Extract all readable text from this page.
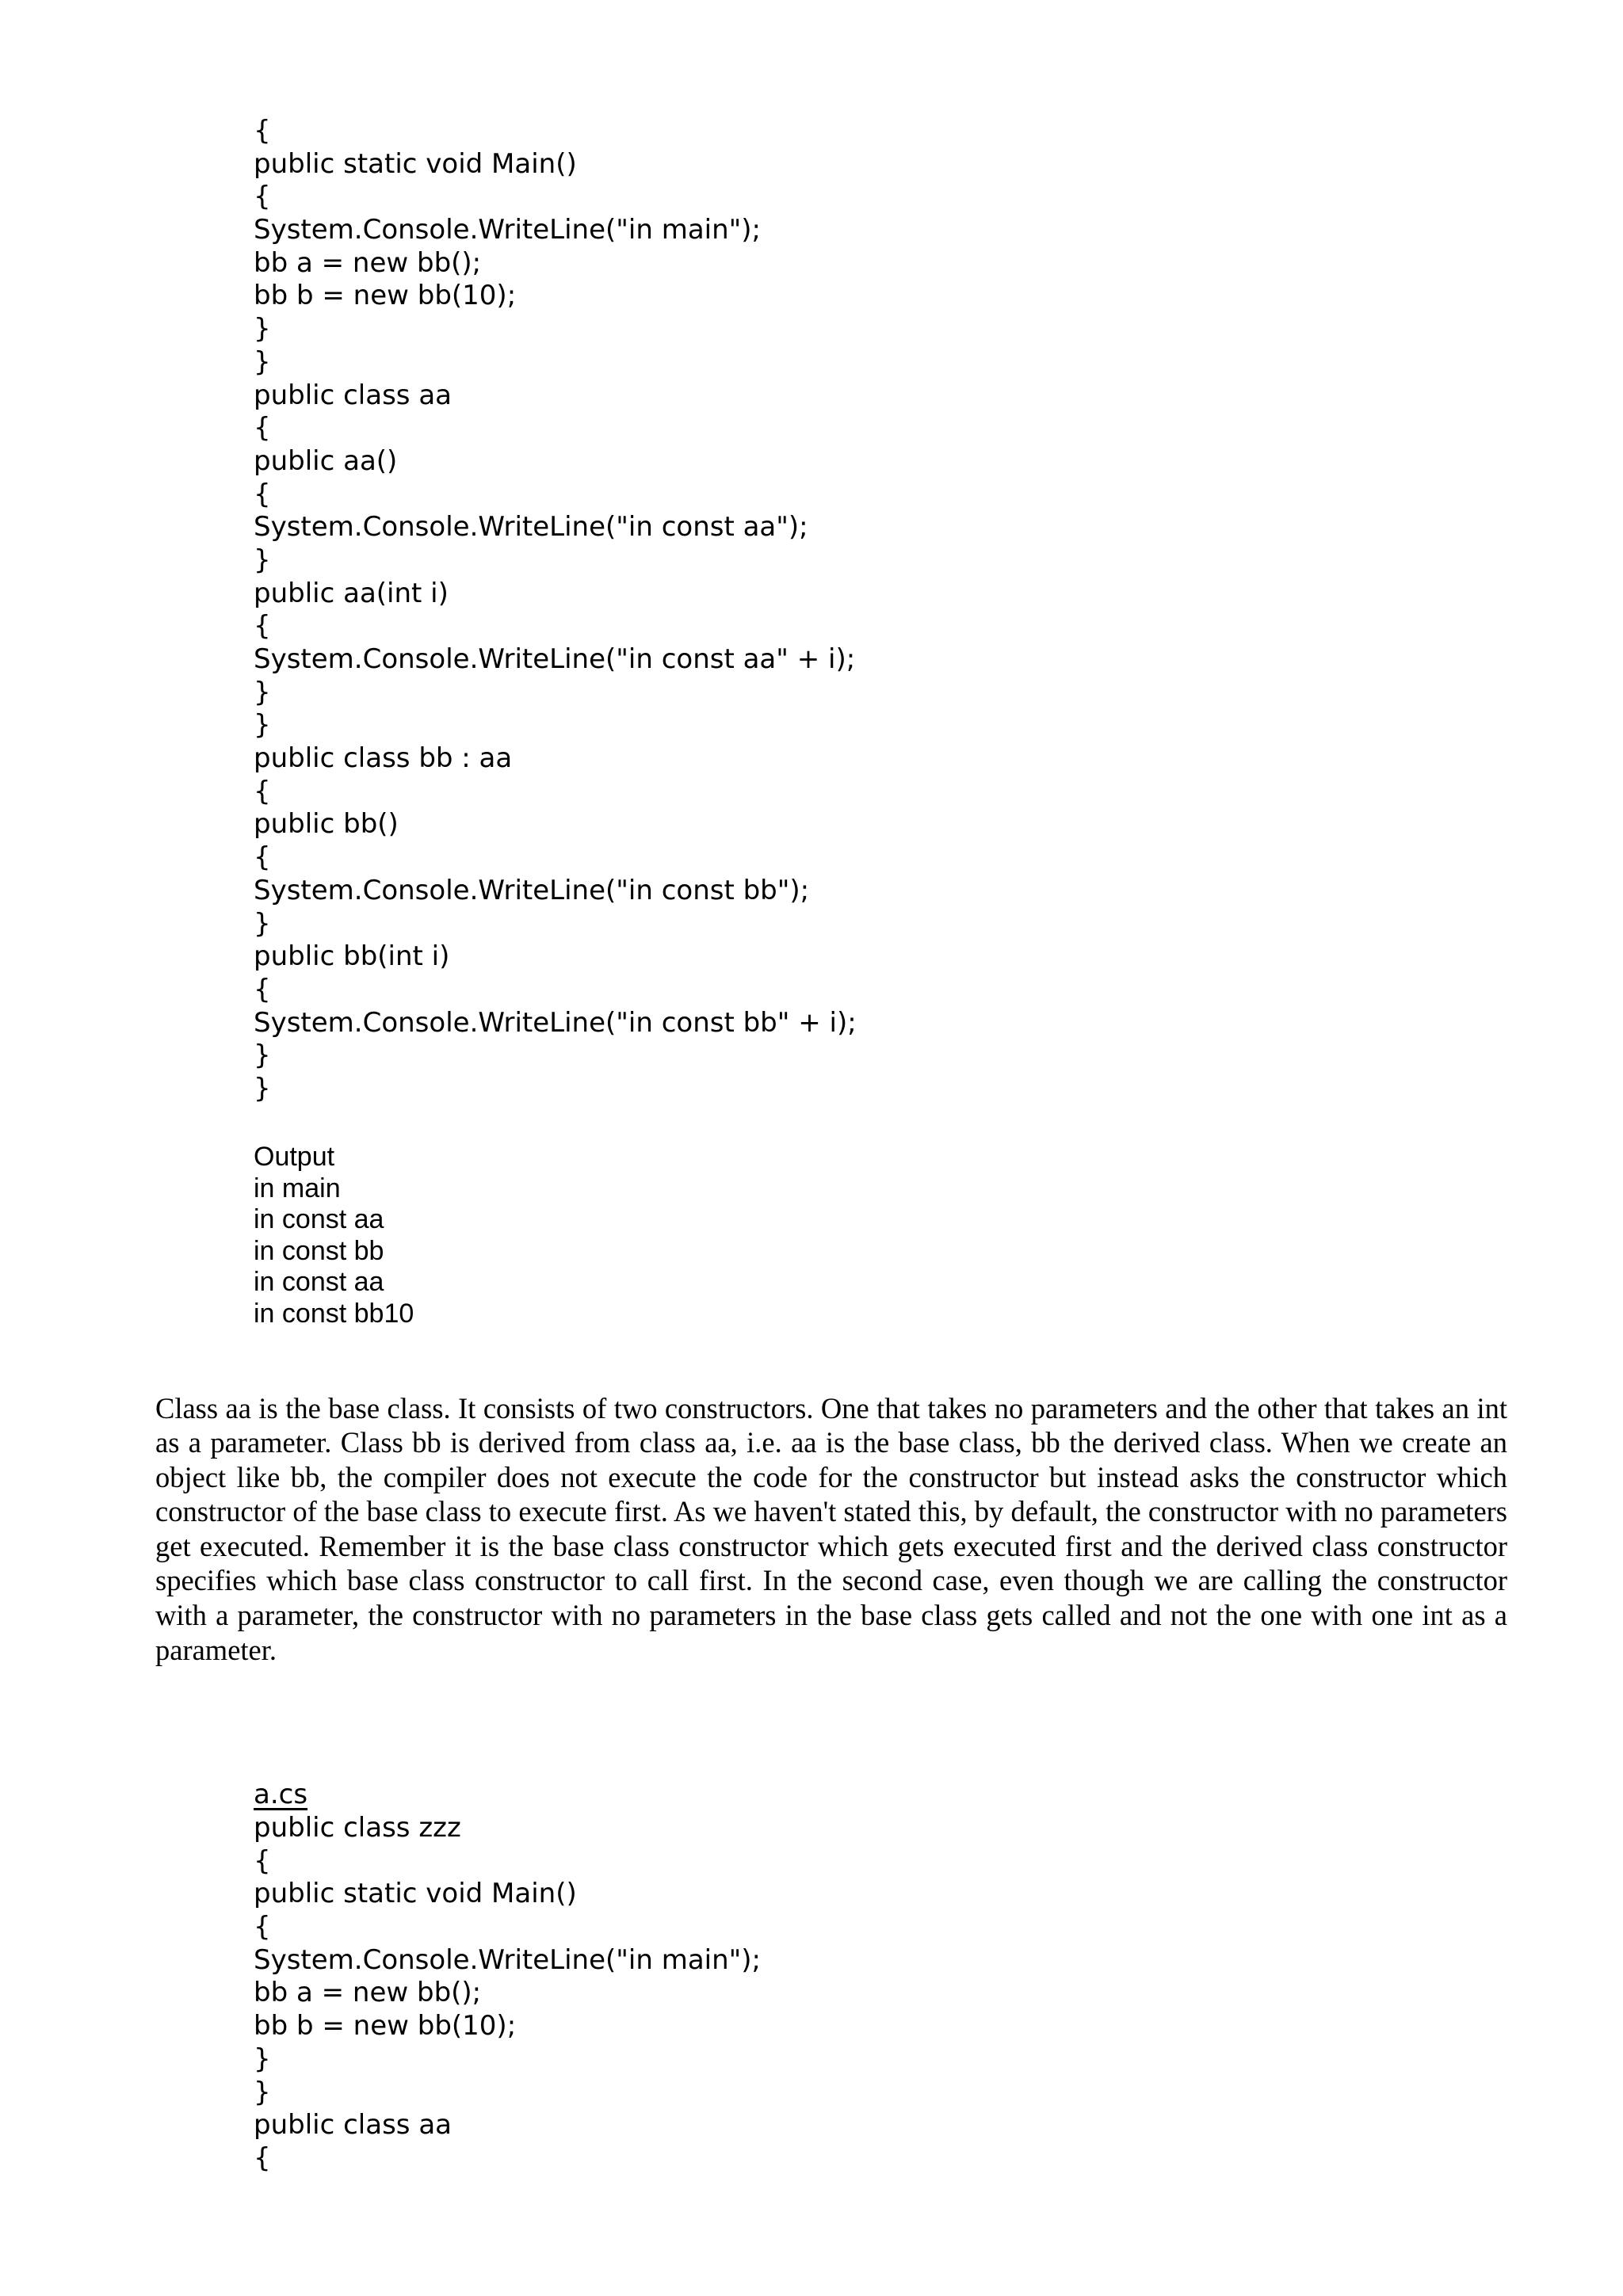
{
public static void Main()
{
System.Console.WriteLine("in main");
bb a = new bb();
bb b = new bb(10);
}
}
public class aa
{
public aa()
{
System.Console.WriteLine("in const aa");
}
public aa(int i)
{
System.Console.WriteLine("in const aa" + i);
}
}
public class bb : aa
{
public bb()
{
System.Console.WriteLine("in const bb");
}
public bb(int i)
{
System.Console.WriteLine("in const bb" + i);
}
}
Output
in main
in const aa
in const bb
in const aa
in const bb10

Class aa is the base class. It consists of two constructors. One that takes no parameters and the other that takes an int as a parameter. Class bb is derived from class aa, i.e. aa is the base class, bb the derived class. When we create an object like bb, the compiler does not execute the code for the constructor but instead asks the constructor which constructor of the base class to execute first. As we haven't stated this, by default, the constructor with no parameters get executed. Remember it is the base class constructor which gets executed first and the derived class constructor specifies which base class constructor to call first. In the second case, even though we are calling the constructor with a parameter, the constructor with no parameters in the base class gets called and not the one with one int as a parameter.

a.cs
public class zzz
{
public static void Main()
{
System.Console.WriteLine("in main");
bb a = new bb();
bb b = new bb(10);
}
}
public class aa
{
